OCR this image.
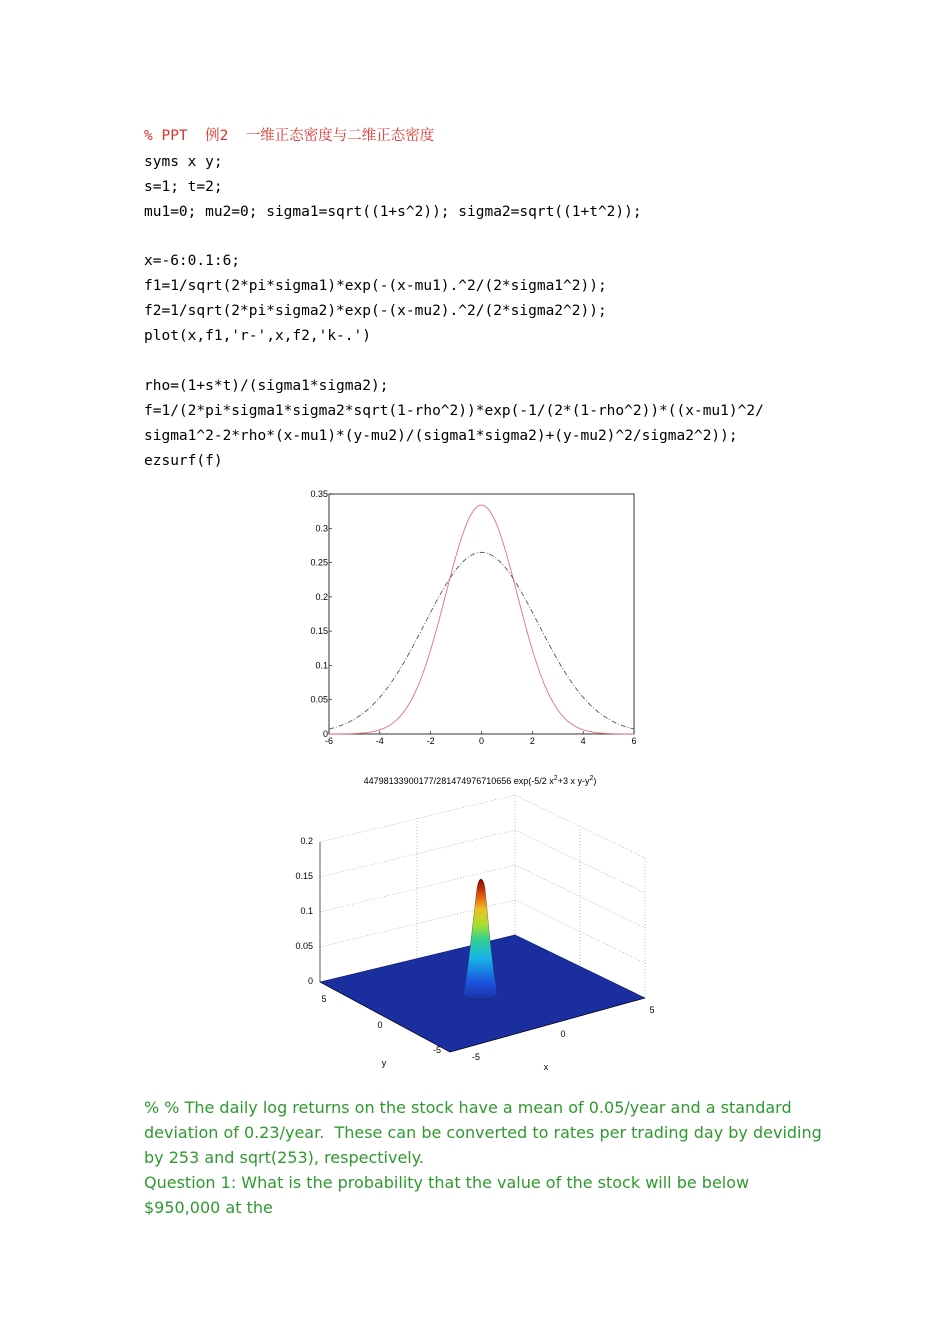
% PPT  例2  一维正态密度与二维正态密度
syms x y;
s=1; t=2;
mu1=0; mu2=0; sigma1=sqrt((1+s^2)); sigma2=sqrt((1+t^2));
x=-6:0.1:6;
f1=1/sqrt(2*pi*sigma1)*exp(-(x-mu1).^2/(2*sigma1^2));
f2=1/sqrt(2*pi*sigma2)*exp(-(x-mu2).^2/(2*sigma2^2));
plot(x,f1,'r-',x,f2,'k-.')
rho=(1+s*t)/(sigma1*sigma2);
f=1/(2*pi*sigma1*sigma2*sqrt(1-rho^2))*exp(-1/(2*(1-rho^2))*((x-mu1)^2/
sigma1^2-2*rho*(x-mu1)*(y-mu2)/(sigma1*sigma2)+(y-mu2)^2/sigma2^2));
ezsurf(f)
-6	-4	-2	0	2	4	6
0
0.05
0.1
0.15
0.2
0.25
0.3
0.35
44798133900177/281474976710656 exp(-5/2 $x^2+3$ x $y-y^2$)
0
0.05
0.1
0.15
0.2
5
0
-5
-5
0
5
y	x
% % The daily log returns on the stock have a mean of 0.05/year and a standard deviation of 0.23/year.  These can be converted to rates per trading day by deviding by 253 and sqrt(253), respectively.
Question 1: What is the probability that the value of the stock will be below $950,000 at the
